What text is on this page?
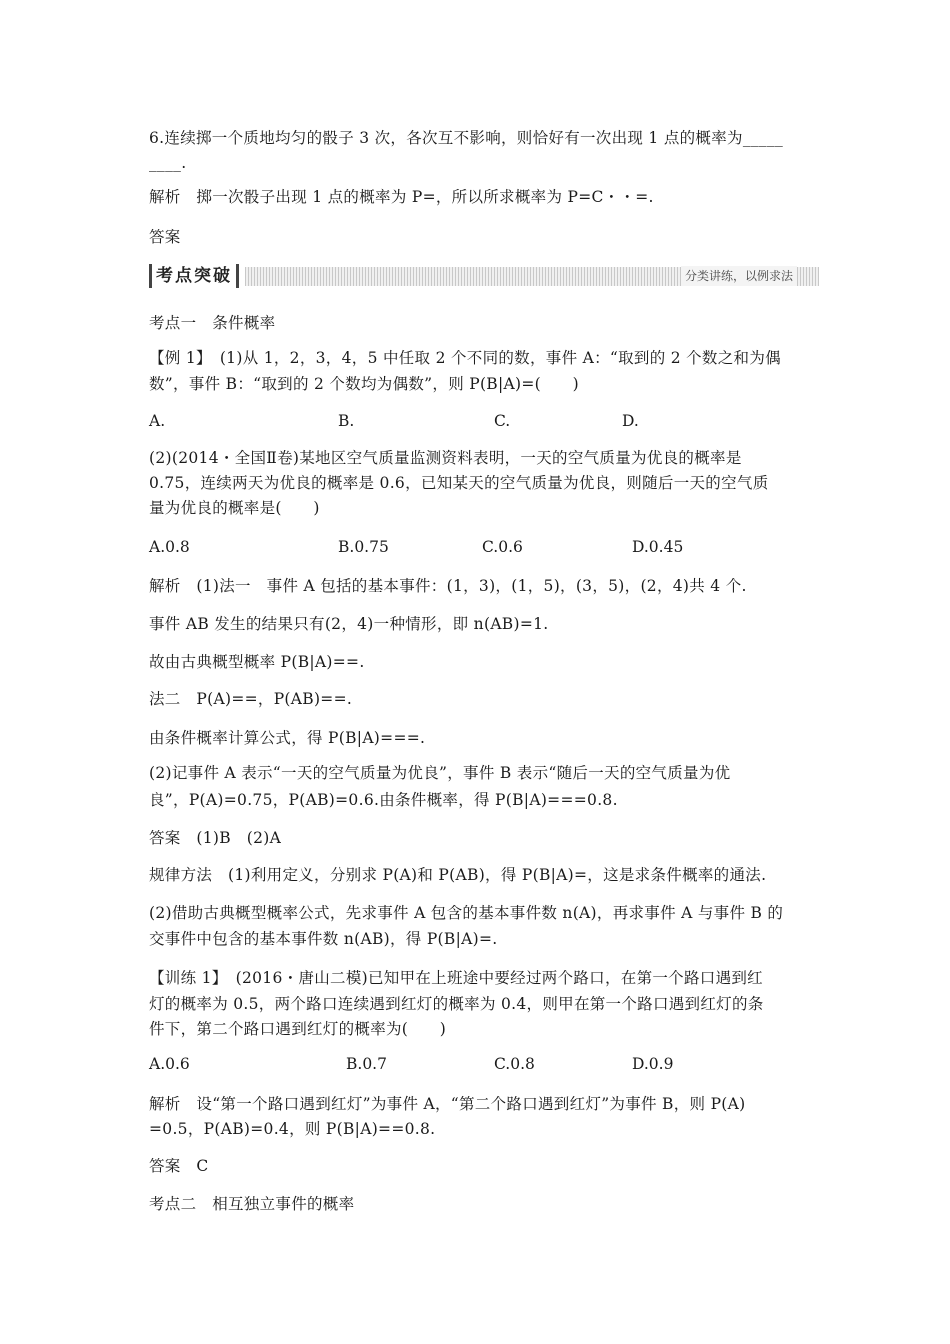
6.连续掷一个质地均匀的骰子 3 次，各次互不影响，则恰好有一次出现 1 点的概率为_____
____.
解析　掷一次骰子出现 1 点的概率为 P=，所以所求概率为 P=C・・=.
答案
考点突破	分类讲练，以例求法
考点一　条件概率
【例 1】　(1)从 1，2，3，4，5 中任取 2 个不同的数，事件 A：“取到的 2 个数之和为偶
数”，事件 B：“取到的 2 个数均为偶数”，则 P(B|A)=(　　)
A.	B.	C.	D.
(2)(2014・全国Ⅱ卷)某地区空气质量监测资料表明，一天的空气质量为优良的概率是
0.75，连续两天为优良的概率是 0.6，已知某天的空气质量为优良，则随后一天的空气质
量为优良的概率是(　　)
A.0.8	B.0.75	C.0.6	D.0.45
解析　(1)法一　事件 A 包括的基本事件：(1，3)，(1，5)，(3，5)，(2，4)共 4 个.
事件 AB 发生的结果只有(2，4)一种情形，即 n(AB)=1.
故由古典概型概率 P(B|A)==.
法二　P(A)==，P(AB)==.
由条件概率计算公式，得 P(B|A)===.
(2)记事件 A 表示“一天的空气质量为优良”，事件 B 表示“随后一天的空气质量为优
良”，P(A)=0.75，P(AB)=0.6.由条件概率，得 P(B|A)===0.8.
答案　(1)B　(2)A
规律方法　(1)利用定义，分别求 P(A)和 P(AB)，得 P(B|A)=，这是求条件概率的通法.
(2)借助古典概型概率公式，先求事件 A 包含的基本事件数 n(A)，再求事件 A 与事件 B 的
交事件中包含的基本事件数 n(AB)，得 P(B|A)=.
【训练 1】　(2016・唐山二模)已知甲在上班途中要经过两个路口，在第一个路口遇到红
灯的概率为 0.5，两个路口连续遇到红灯的概率为 0.4，则甲在第一个路口遇到红灯的条
件下，第二个路口遇到红灯的概率为(　　)
A.0.6	B.0.7	C.0.8	D.0.9
解析　设“第一个路口遇到红灯”为事件 A，“第二个路口遇到红灯”为事件 B，则 P(A)
=0.5，P(AB)=0.4，则 P(B|A)==0.8.
答案　C
考点二　相互独立事件的概率
